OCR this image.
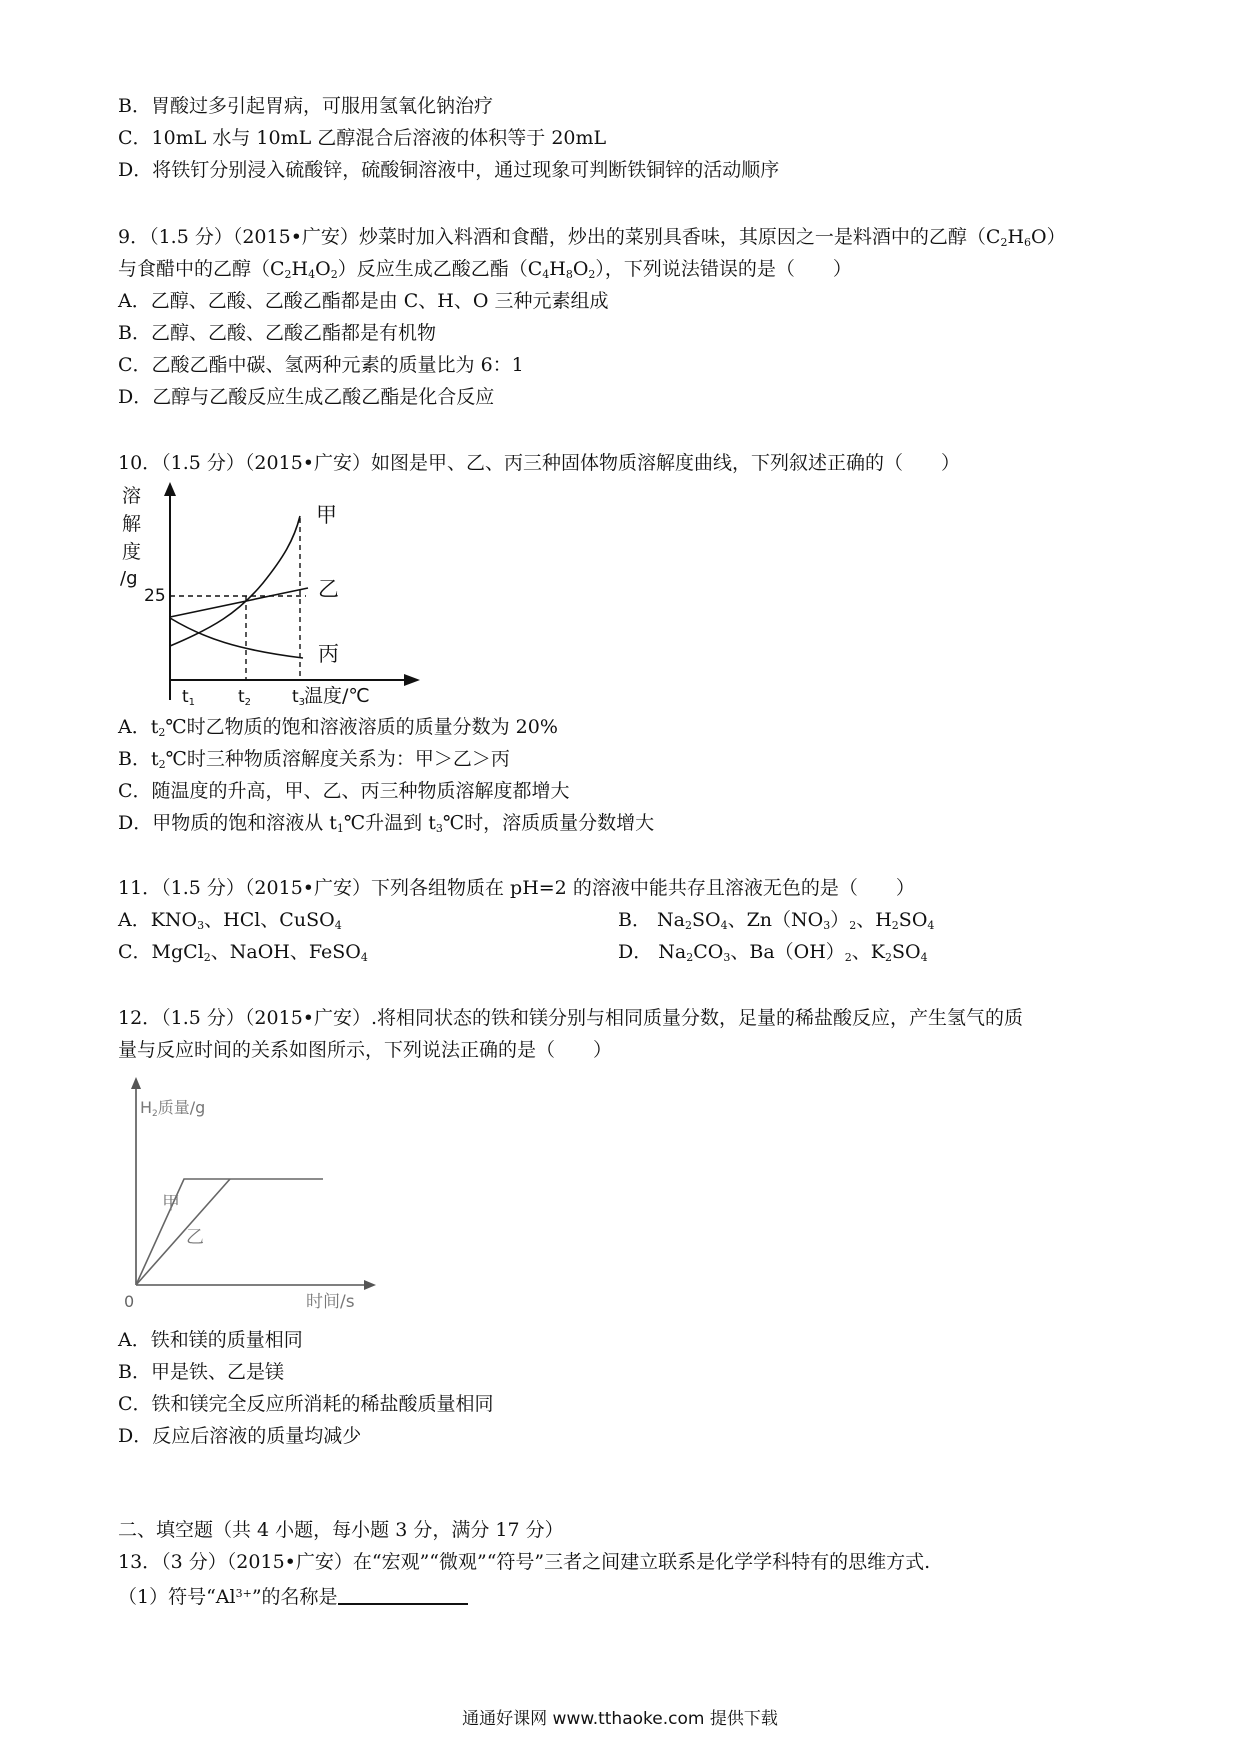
B．胃酸过多引起胃病，可服用氢氧化钠治疗
C．10mL 水与 10mL 乙醇混合后溶液的体积等于 20mL
D．将铁钉分别浸入硫酸锌，硫酸铜溶液中，通过现象可判断铁铜锌的活动顺序
9．（1.5 分）（2015•广安）炒菜时加入料酒和食醋，炒出的菜别具香味，其原因之一是料酒中的乙醇$(C_2H_6O)$
与食醋中的乙醇$(C_2H_4O_2)$反应生成乙酸乙酯$(C_4H_8O_2)$，下列说法错误的是（　　）
A．乙醇、乙酸、乙酸乙酯都是由 C、H、O 三种元素组成
B．乙醇、乙酸、乙酸乙酯都是有机物
C．乙酸乙酯中碳、氢两种元素的质量比为 6：1
D．乙醇与乙酸反应生成乙酸乙酯是化合反应
10．（1.5 分）（2015•广安）如图是甲、乙、丙三种固体物质溶解度曲线，下列叙述正确的（　　）
溶
解
度
/g
25
甲
乙
丙
t1	t2 t3
温度/℃
A．$t_2℃$时乙物质的饱和溶液溶质的质量分数为 20%
B．$t_2℃$时三种物质溶解度关系为：甲＞乙＞丙
C．随温度的升高，甲、乙、丙三种物质溶解度都增大
D．甲物质的饱和溶液从 $t_1℃$升温到 $t_3℃$时，溶质质量分数增大
11．（1.5 分）（2015•广安）下列各组物质在 pH=2 的溶液中能共存且溶液无色的是（　　）
A．$KNO_3$、HCl、CuSO$_4$	B． $Na_2SO_4$、$Zn(NO_3)_2$、$H_2SO_4$
C．MgCl$_2$、NaOH、FeSO$_4$	D． $Na_2CO_3$、$Ba(OH)_2$、$K_2SO_4$
12．（1.5 分）（2015•广安）.将相同状态的铁和镁分别与相同质量分数，足量的稀盐酸反应，产生氢气的质
量与反应时间的关系如图所示，下列说法正确的是（　　）
H2质量/g
甲
乙
0	时间/s
A．铁和镁的质量相同
B．甲是铁、乙是镁
C．铁和镁完全反应所消耗的稀盐酸质量相同
D．反应后溶液的质量均减少
二、填空题（共 4 小题，每小题 3 分，满分 17 分）
13．（3 分）（2015•广安）在“宏观”“微观”“符号”三者之间建立联系是化学学科特有的思维方式.
（1）符号“$Al^{3+}$”的名称是
通通好课网 www.tthaoke.com 提供下载
